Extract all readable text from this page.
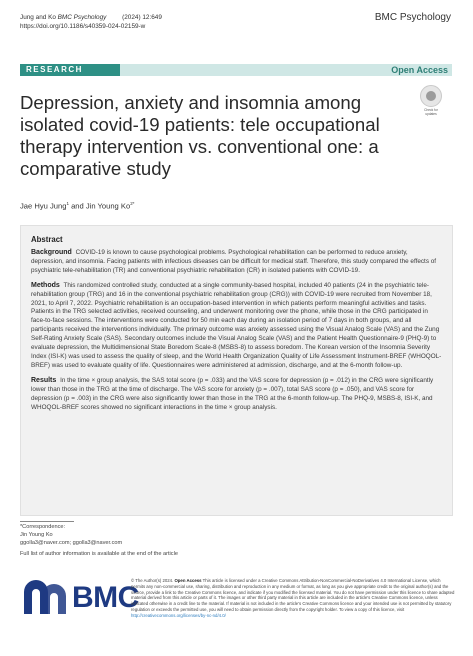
Jung and Ko BMC Psychology (2024) 12:649
https://doi.org/10.1186/s40359-024-02159-w
BMC Psychology
RESEARCH	Open Access
Check for updates
Depression, anxiety and insomnia among isolated covid-19 patients: tele occupational therapy intervention vs. conventional one: a comparative study
Jae Hyu Jung$^1$ and Jin Young $Ko^{2*}$
Abstract

Background COVID-19 is known to cause psychological problems. Psychological rehabilitation can be performed to reduce anxiety, depression, and insomnia. Facing patients with infectious diseases can be difficult for medical staff. Therefore, this study compared the effects of psychiatric tele-rehabilitation (TR) and conventional psychiatric rehabilitation (CR) in isolated patients with COVID-19.

Methods This randomized controlled study, conducted at a single community-based hospital, included 40 patients (24 in the psychiatric tele-rehabilitation group (TRG) and 16 in the conventional psychiatric rehabilitation group (CRG)) with COVID-19 were recruited from November 18, 2021, to April 7, 2022. Psychiatric rehabilitation is an occupation-based intervention in which patients perform meaningful activities and tasks. Patients in the TRG selected activities, received counseling, and underwent monitoring over the phone, while those in the CRG participated in face-to-face sessions. The interventions were conducted for 50 min each day during an isolation period of 7 days in both groups, and all participants received the interventions individually. The primary outcome was anxiety assessed using the Visual Analog Scale (VAS) and the Zung Self-Rating Anxiety Scale (SAS). Secondary outcomes include the Visual Analog Scale (VAS) and the Patient Health Questionnaire-9 (PHQ-9) to evaluate depression, the Multidimensional State Boredom Scale-8 (MSBS-8) to assess boredom. The Korean version of the Insomnia Severity Index (ISI-K) was used to assess the quality of sleep, and the World Health Organization Quality of Life Assessment Instrument-BREF (WHOQOL-BREF) was used to evaluate quality of life. Questionnaires were administered at admission, discharge, and at the 6-month follow-up.

Results In the time × group analysis, the SAS total score (p = .033) and the VAS score for depression (p = .012) in the CRG were significantly lower than those in the TRG at the time of discharge. The VAS score for anxiety (p = .007), total SAS score (p = .050), and VAS score for depression (p = .003) in the CRG were also significantly lower than those in the TRG at the 6-month follow-up. The PHQ-9, MSBS-8, ISI-K, and WHOQOL-BREF scores showed no significant interactions in the time × group analysis.

*Correspondence:
Jin Young Ko
ggolla3@naver.com; ggolla3@naver.com
Full list of author information is available at the end of the article
BMC

© The Author(s) 2024. Open Access This article is licensed under a Creative Commons Attribution-NonCommercial-NoDerivatives 4.0 International License, which permits any non-commercial use, sharing, distribution and reproduction in any medium or format, as long as you give appropriate credit to the original author(s) and the source, provide a link to the Creative Commons licence, and indicate if you modified the licensed material. You do not have permission under this licence to share adapted material derived from this article or parts of it. The images or other third party material in this article are included in the article's Creative Commons licence, unless indicated otherwise in a credit line to the material. If material is not included in the article's Creative Commons licence and your intended use is not permitted by statutory regulation or exceeds the permitted use, you will need to obtain permission directly from the copyright holder. To view a copy of this licence, visit http://creativecommons.org/licenses/by-nc-nd/4.0/
